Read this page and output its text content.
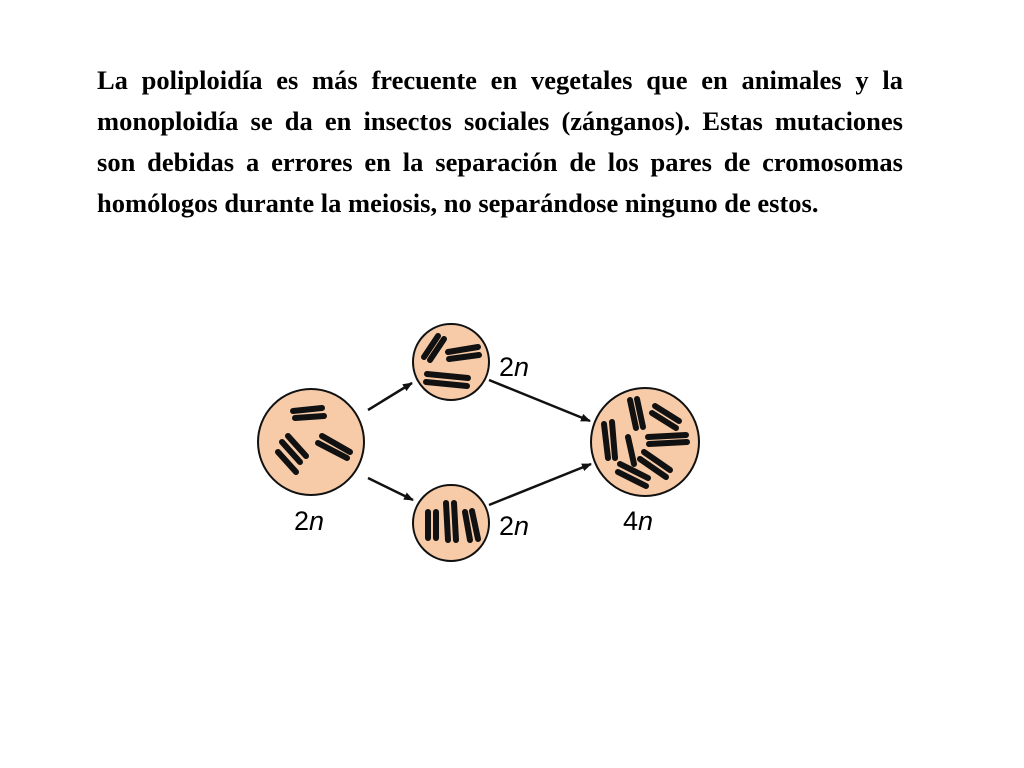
La poliploidía es más frecuente en vegetales que en animales y la monoploidía se da en insectos sociales (zánganos). Estas mutaciones son debidas a errores en la separación de los pares de cromosomas homólogos durante la meiosis, no separándose ninguno de estos.

2n
2n	2n	4n
